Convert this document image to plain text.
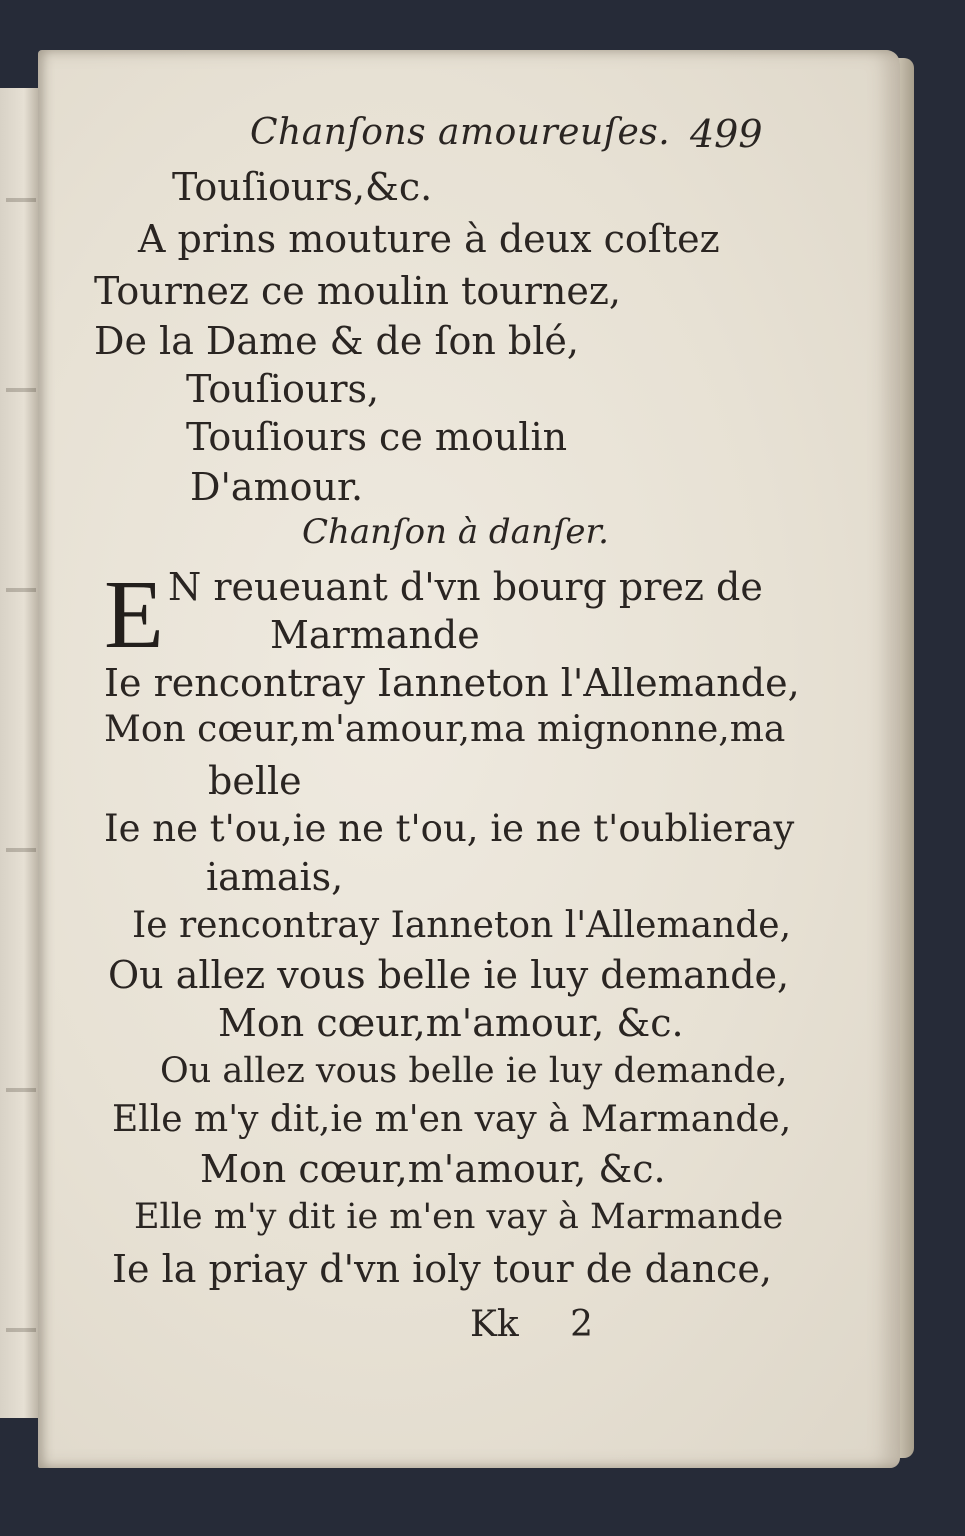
Chanſons amoureuſes. 499
Touſiours,&c.
A prins mouture à deux coſtez
Tournez ce moulin tournez,
De la Dame & de ſon blé,
Touſiours,
Touſiours ce moulin
D'amour.
Chanſon à danſer.
E N reueuant d'vn bourg prez de
Marmande
Ie rencontray Ianneton l'Allemande,
Mon cœur,m'amour,ma mignonne,ma
belle
Ie ne t'ou,ie ne t'ou, ie ne t'oublieray
iamais,
Ie rencontray Ianneton l'Allemande,
Ou allez vous belle ie luy demande,
Mon cœur,m'amour, &c.
Ou allez vous belle ie luy demande,
Elle m'y dit,ie m'en vay à Marmande,
Mon cœur,m'amour, &c.
Elle m'y dit ie m'en vay à Marmande
Ie la priay d'vn ioly tour de dance,
Kk 2
